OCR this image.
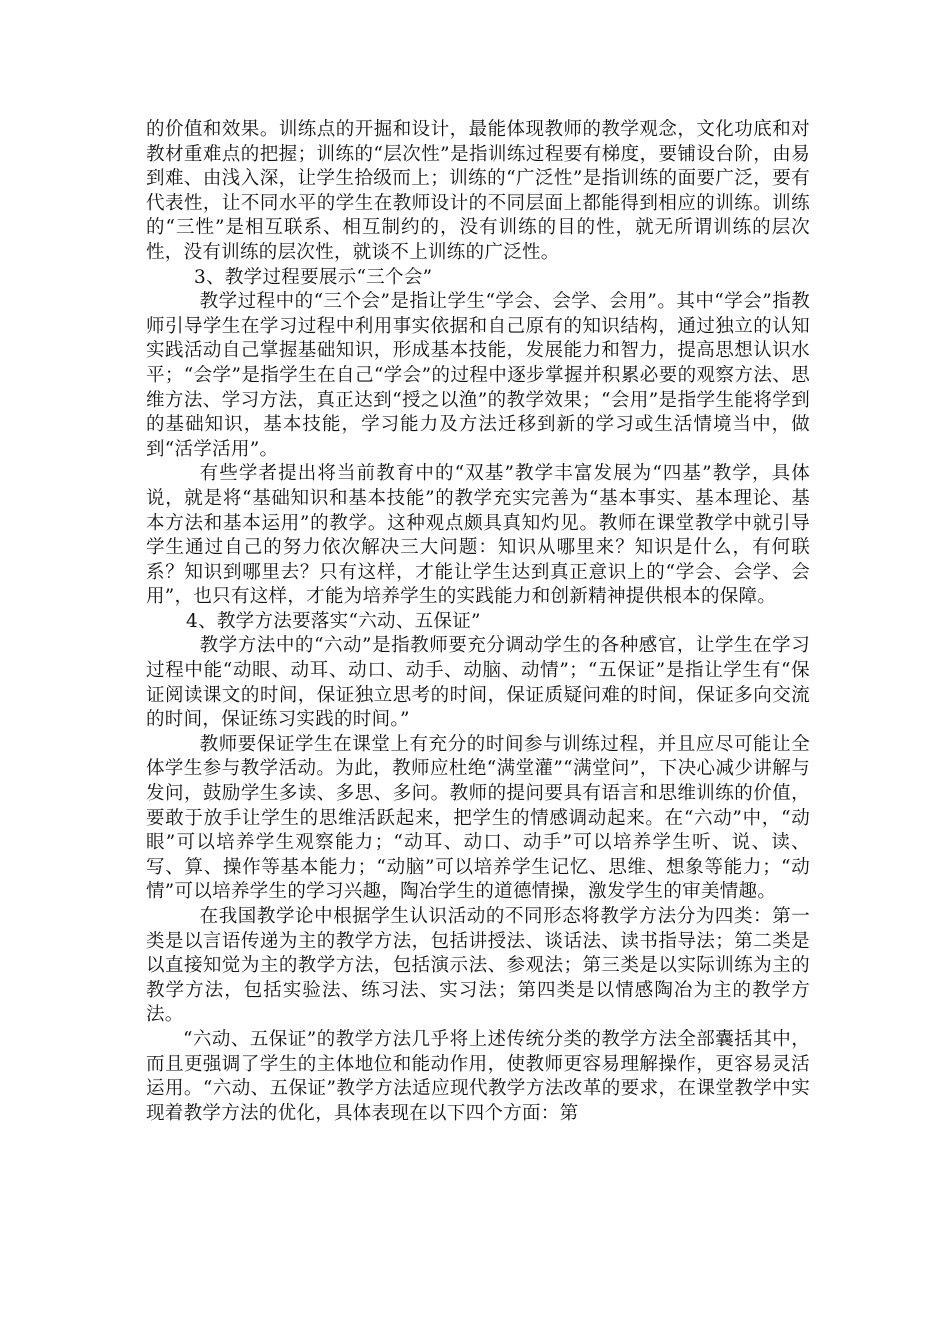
的价值和效果。训练点的开掘和设计，最能体现教师的教学观念，文化功底和对教材重难点的把握；训练的“层次性”是指训练过程要有梯度，要铺设台阶，由易到难、由浅入深，让学生拾级而上；训练的“广泛性”是指训练的面要广泛，要有代表性，让不同水平的学生在教师设计的不同层面上都能得到相应的训练。训练的“三性”是相互联系、相互制约的，没有训练的目的性，就无所谓训练的层次性，没有训练的层次性，就谈不上训练的广泛性。

3、教学过程要展示“三个会”

教学过程中的“三个会”是指让学生“学会、会学、会用”。其中“学会”指教师引导学生在学习过程中利用事实依据和自己原有的知识结构，通过独立的认知实践活动自己掌握基础知识，形成基本技能，发展能力和智力，提高思想认识水平；“会学”是指学生在自己“学会”的过程中逐步掌握并积累必要的观察方法、思维方法、学习方法，真正达到“授之以渔”的教学效果；“会用”是指学生能将学到的基础知识，基本技能，学习能力及方法迁移到新的学习或生活情境当中，做到“活学活用”。

有些学者提出将当前教育中的“双基”教学丰富发展为“四基”教学，具体说，就是将“基础知识和基本技能”的教学充实完善为“基本事实、基本理论、基本方法和基本运用”的教学。这种观点颇具真知灼见。教师在课堂教学中就引导学生通过自己的努力依次解决三大问题：知识从哪里来？知识是什么，有何联系？知识到哪里去？只有这样，才能让学生达到真正意识上的“学会、会学、会用”，也只有这样，才能为培养学生的实践能力和创新精神提供根本的保障。

4、教学方法要落实“六动、五保证”

教学方法中的“六动”是指教师要充分调动学生的各种感官，让学生在学习过程中能“动眼、动耳、动口、动手、动脑、动情”；“五保证”是指让学生有“保证阅读课文的时间，保证独立思考的时间，保证质疑问难的时间，保证多向交流的时间，保证练习实践的时间。”

教师要保证学生在课堂上有充分的时间参与训练过程，并且应尽可能让全体学生参与教学活动。为此，教师应杜绝“满堂灌”“满堂问”，下决心减少讲解与发问，鼓励学生多读、多思、多问。教师的提问要具有语言和思维训练的价值，要敢于放手让学生的思维活跃起来，把学生的情感调动起来。在“六动”中，“动眼”可以培养学生观察能力；“动耳、动口、动手”可以培养学生听、说、读、写、算、操作等基本能力；“动脑”可以培养学生记忆、思维、想象等能力；“动情”可以培养学生的学习兴趣，陶冶学生的道德情操，激发学生的审美情趣。

在我国教学论中根据学生认识活动的不同形态将教学方法分为四类：第一类是以言语传递为主的教学方法，包括讲授法、谈话法、读书指导法；第二类是以直接知觉为主的教学方法，包括演示法、参观法；第三类是以实际训练为主的教学方法，包括实验法、练习法、实习法；第四类是以情感陶冶为主的教学方法。

“六动、五保证”的教学方法几乎将上述传统分类的教学方法全部囊括其中，而且更强调了学生的主体地位和能动作用，使教师更容易理解操作，更容易灵活运用。“六动、五保证”教学方法适应现代教学方法改革的要求，在课堂教学中实现着教学方法的优化，具体表现在以下四个方面：第
